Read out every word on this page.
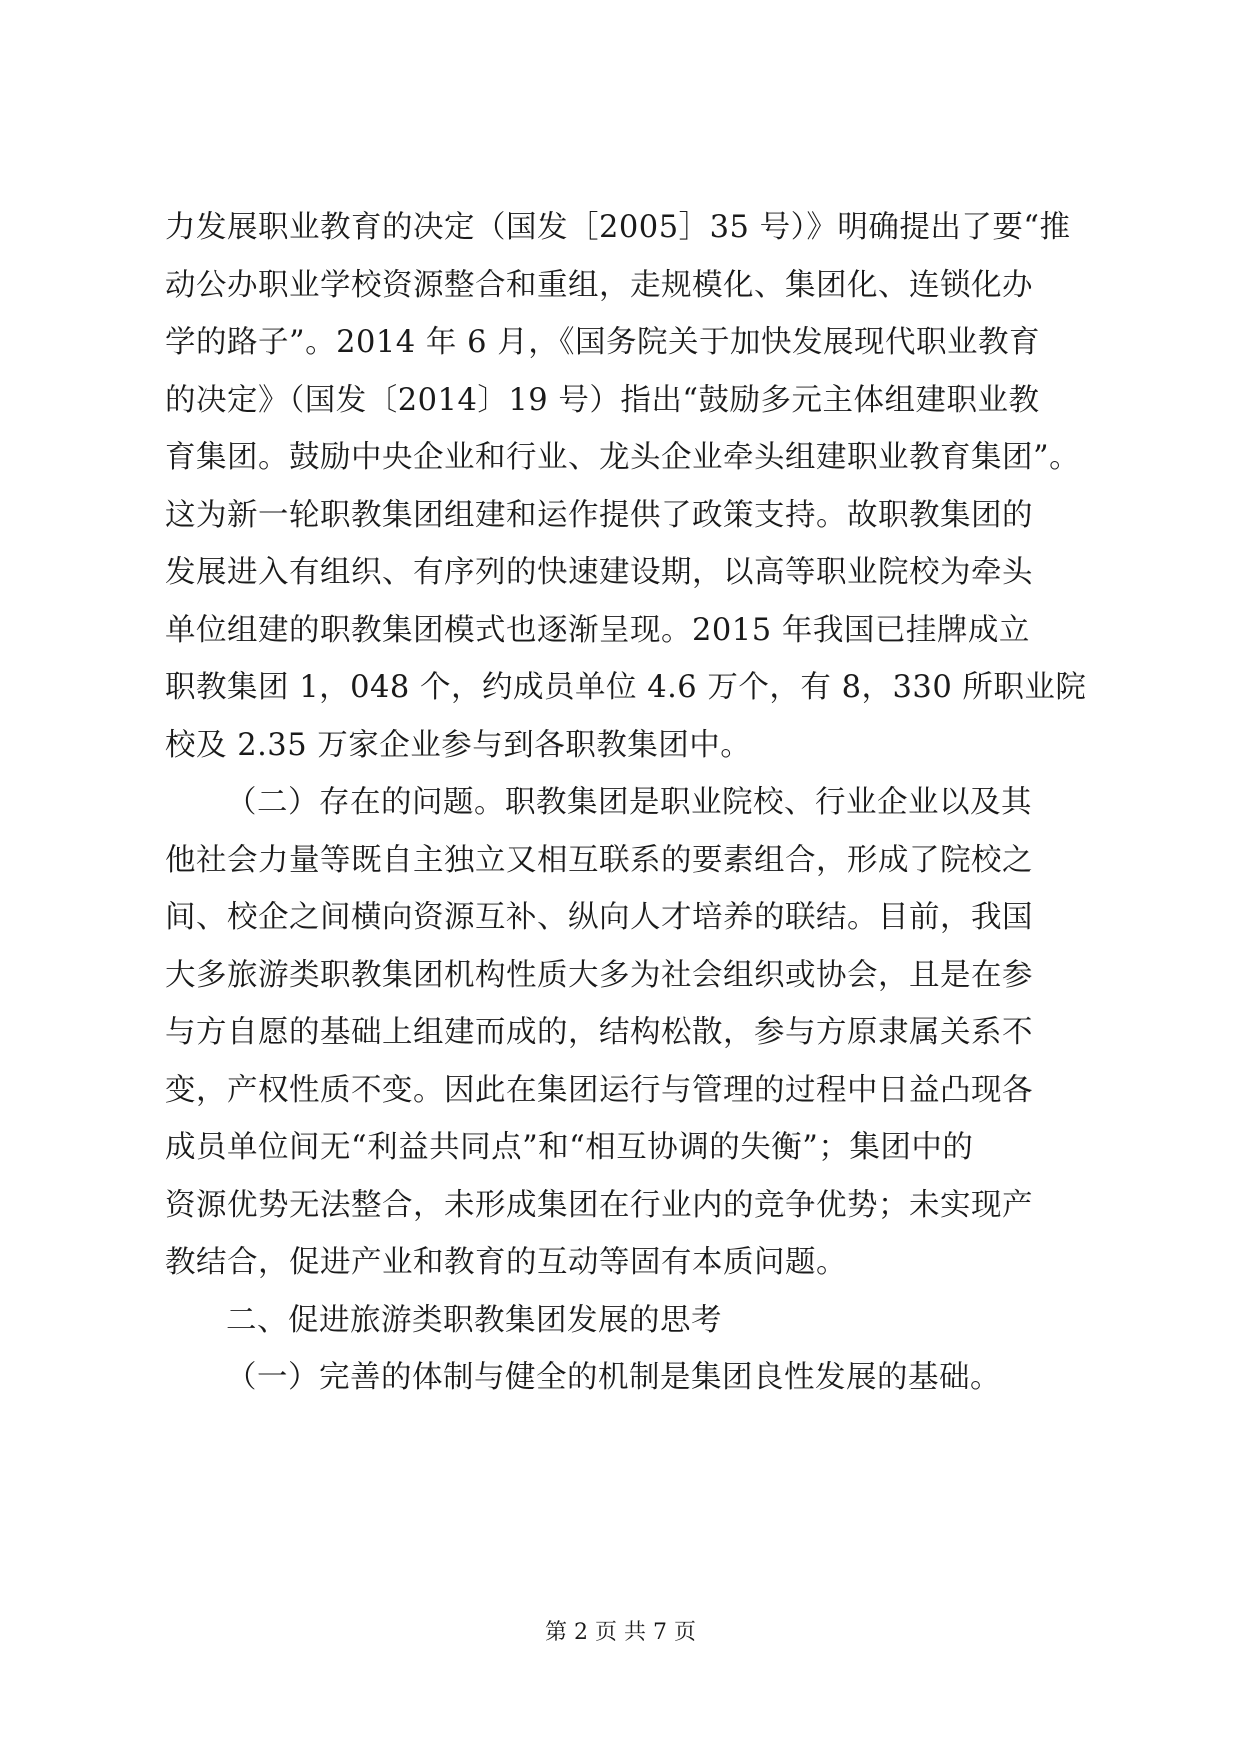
力发展职业教育的决定（国发［2005］35 号）》明确提出了要“推
动公办职业学校资源整合和重组，走规模化、集团化、连锁化办
学的路子”。2014 年 6 月，《国务院关于加快发展现代职业教育
的决定》（国发〔2014〕19 号）指出“鼓励多元主体组建职业教
育集团。鼓励中央企业和行业、龙头企业牵头组建职业教育集团”。
这为新一轮职教集团组建和运作提供了政策支持。故职教集团的
发展进入有组织、有序列的快速建设期，以高等职业院校为牵头
单位组建的职教集团模式也逐渐呈现。2015 年我国已挂牌成立
职教集团 1，048 个，约成员单位 4.6 万个，有 8，330 所职业院
校及 2.35 万家企业参与到各职教集团中。
（二）存在的问题。职教集团是职业院校、行业企业以及其
他社会力量等既自主独立又相互联系的要素组合，形成了院校之
间、校企之间横向资源互补、纵向人才培养的联结。目前，我国
大多旅游类职教集团机构性质大多为社会组织或协会，且是在参
与方自愿的基础上组建而成的，结构松散，参与方原隶属关系不
变，产权性质不变。因此在集团运行与管理的过程中日益凸现各
成员单位间无“利益共同点”和“相互协调的失衡”；集团中的
资源优势无法整合，未形成集团在行业内的竞争优势；未实现产
教结合，促进产业和教育的互动等固有本质问题。
二、促进旅游类职教集团发展的思考
（一）完善的体制与健全的机制是集团良性发展的基础。
第 2 页 共 7 页
